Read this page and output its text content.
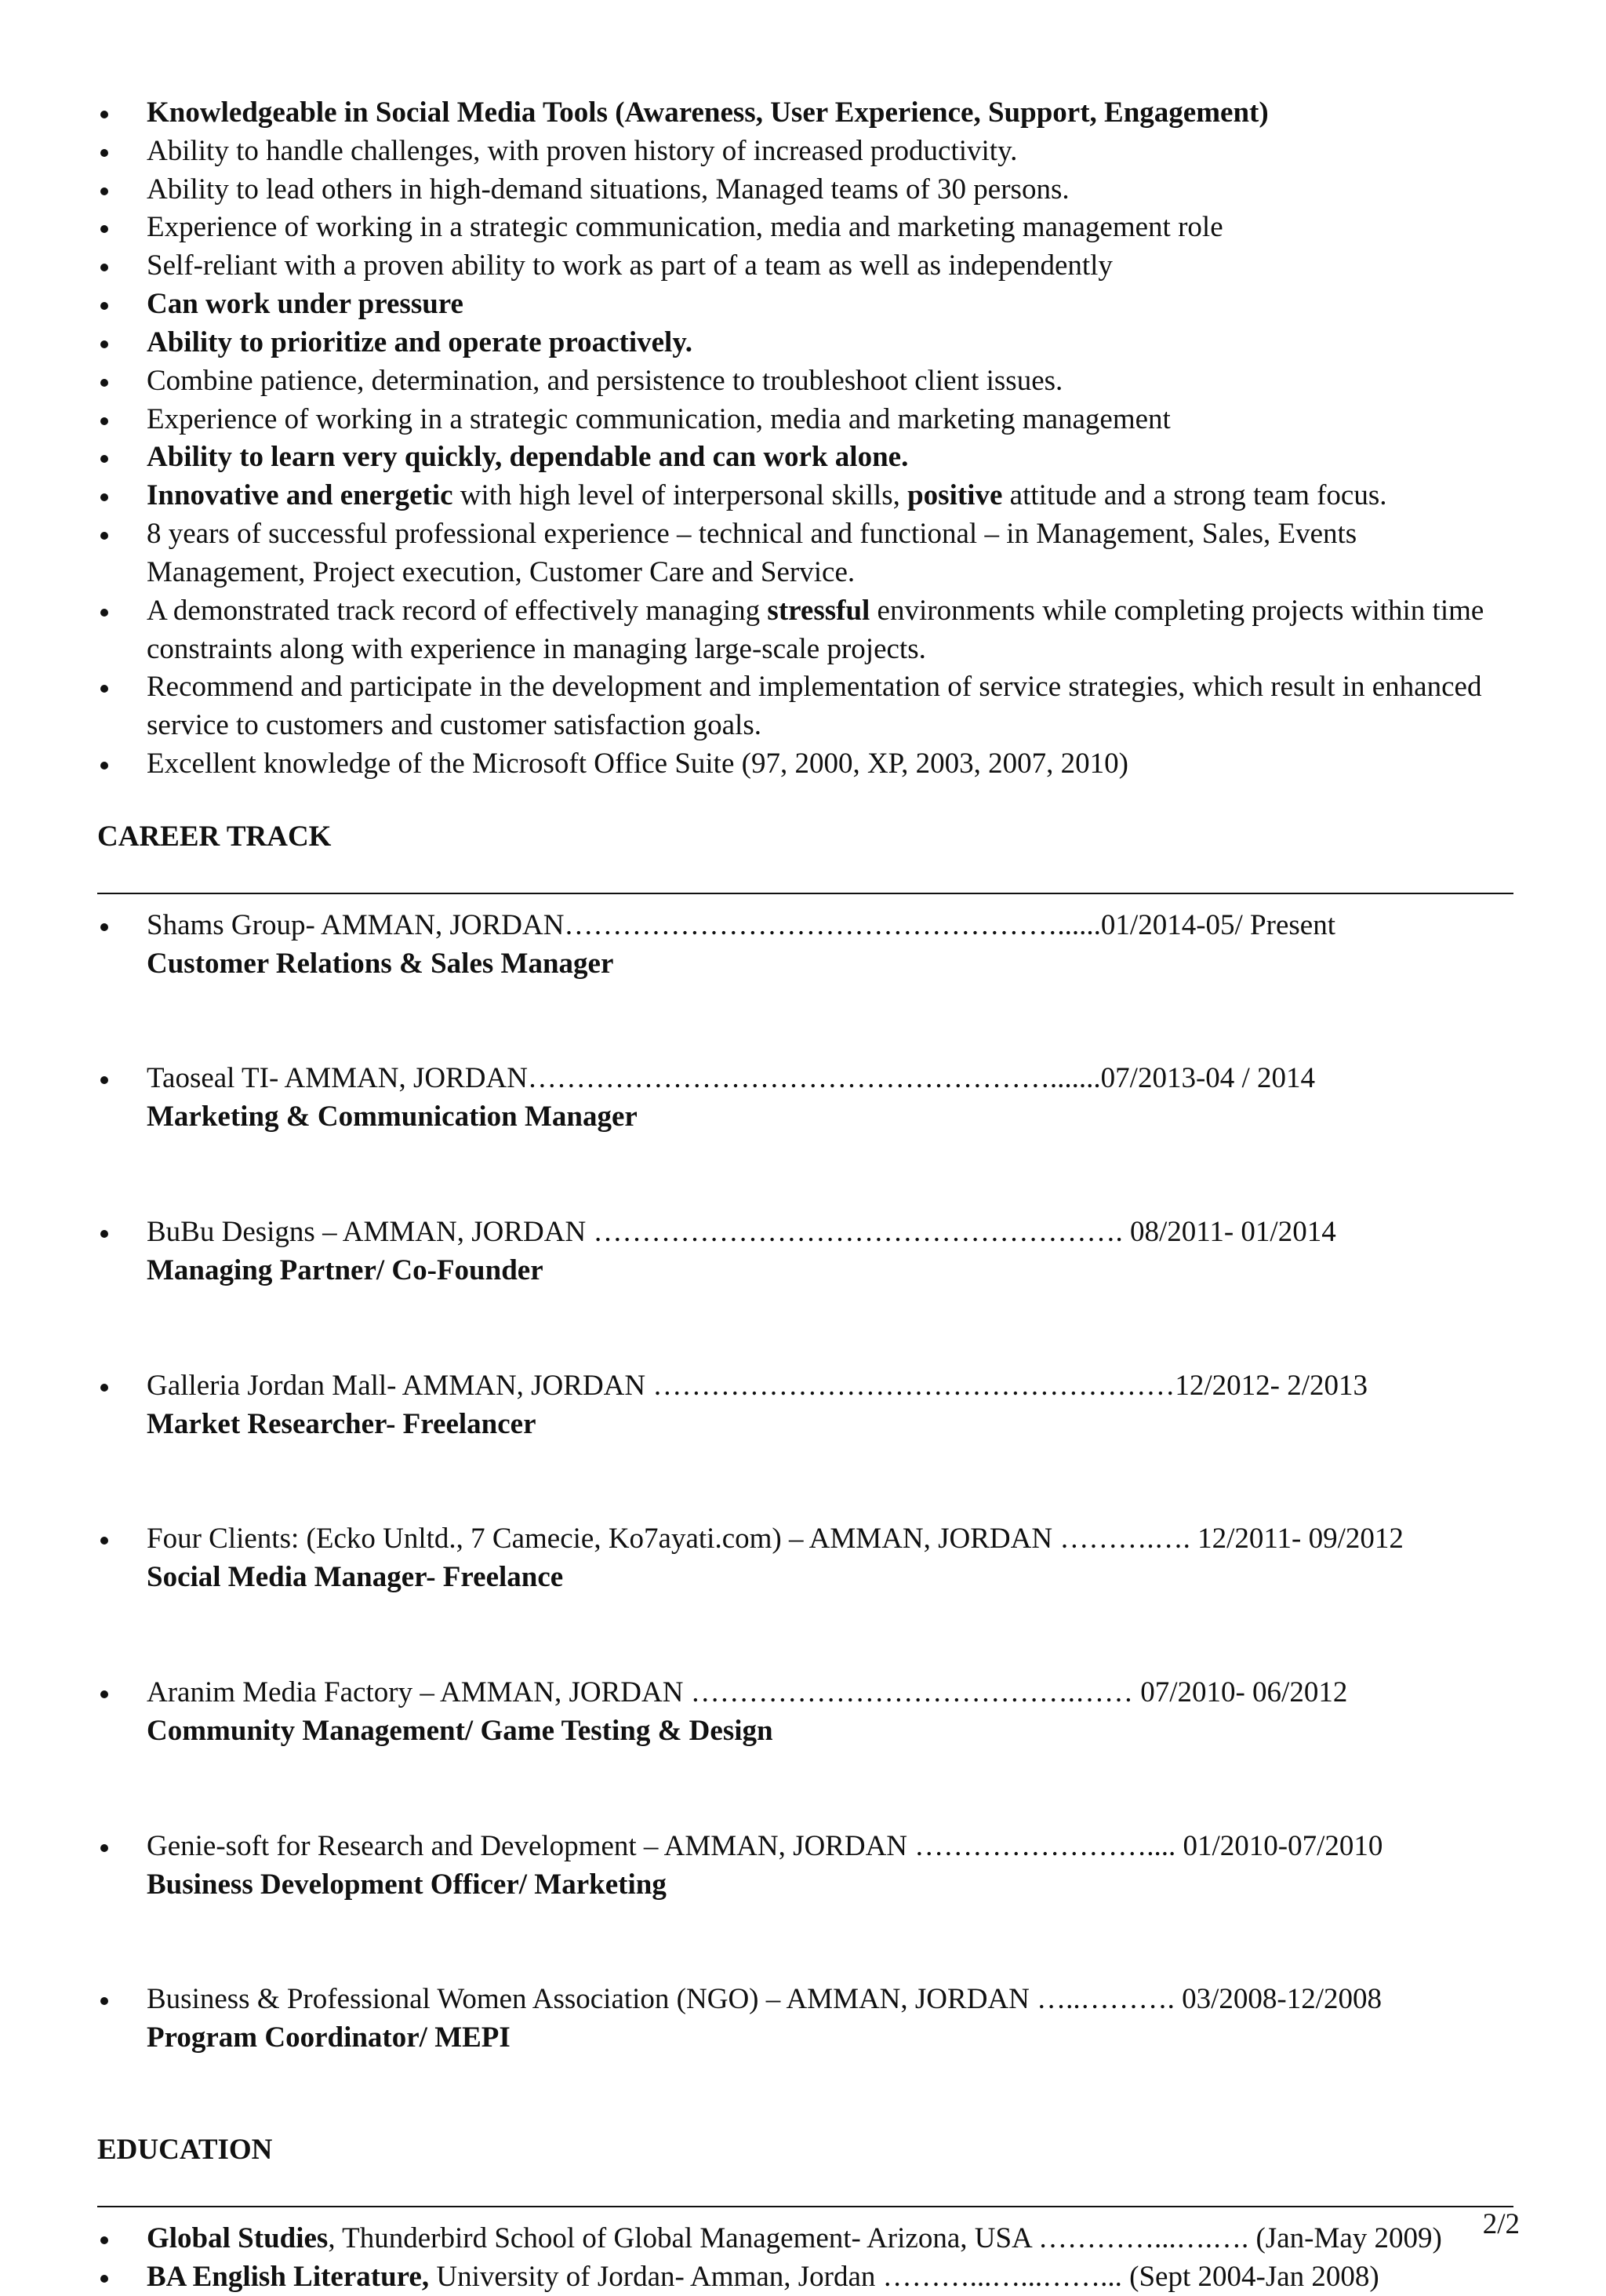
Knowledgeable in Social Media Tools (Awareness, User Experience, Support, Engagement)
Ability to handle challenges, with proven history of increased productivity.
Ability to lead others in high-demand situations, Managed teams of 30 persons.
Experience of working in a strategic communication, media and marketing management role
Self-reliant with a proven ability to work as part of a team as well as independently
Can work under pressure
Ability to prioritize and operate proactively.
Combine patience, determination, and persistence to troubleshoot client issues.
Experience of working in a strategic communication, media and marketing management
Ability to learn very quickly, dependable and can work alone.
Innovative and energetic with high level of interpersonal skills, positive attitude and a strong team focus.
8 years of successful professional experience – technical and functional – in Management, Sales, Events Management, Project execution, Customer Care and Service.
A demonstrated track record of effectively managing stressful environments while completing projects within time constraints along with experience in managing large-scale projects.
Recommend and participate in the development and implementation of service strategies, which result in enhanced service to customers and customer satisfaction goals.
Excellent knowledge of the Microsoft Office Suite (97, 2000, XP, 2003, 2007, 2010)
CAREER TRACK
Shams Group- AMMAN, JORDAN……………………………………………......01/2014-05/ Present
Customer Relations & Sales Manager
Taoseal TI- AMMAN, JORDAN……………………………………………….......07/2013-04 / 2014
Marketing & Communication Manager
BuBu Designs – AMMAN, JORDAN ………………………………………………. 08/2011- 01/2014
Managing Partner/ Co-Founder
Galleria Jordan Mall- AMMAN, JORDAN ………………………………………………12/2012- 2/2013
Market Researcher- Freelancer
Four Clients: (Ecko Unltd., 7 Camecie, Ko7ayati.com) – AMMAN, JORDAN ……….…. 12/2011- 09/2012
Social Media Manager- Freelance
Aranim Media Factory – AMMAN, JORDAN ………………………………….…… 07/2010- 06/2012
Community Management/ Game Testing & Design
Genie-soft for Research and Development – AMMAN, JORDAN …………………….... 01/2010-07/2010
Business Development Officer/ Marketing
Business & Professional Women Association (NGO) – AMMAN, JORDAN …..………. 03/2008-12/2008
Program Coordinator/ MEPI
EDUCATION
Global Studies, Thunderbird School of Global Management- Arizona, USA …………...….…. (Jan-May 2009)
BA English Literature, University of Jordan- Amman, Jordan ………...…...……... (Sept 2004-Jan 2008)
2/2
